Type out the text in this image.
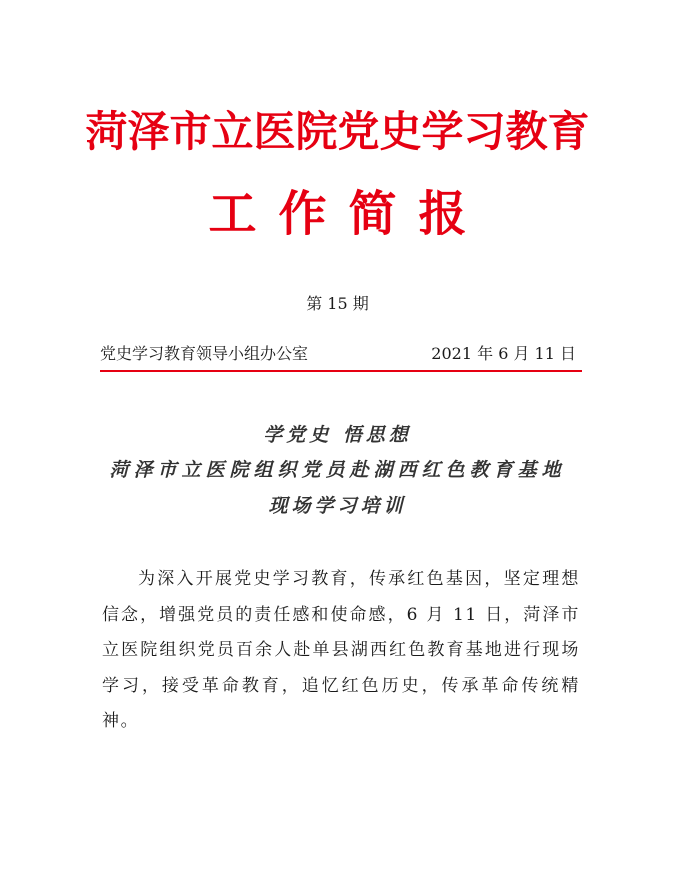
菏泽市立医院党史学习教育
工作简报
第 15 期
党史学习教育领导小组办公室	2021 年 6 月 11 日
学党史 悟思想
菏泽市立医院组织党员赴湖西红色教育基地
现场学习培训

为深入开展党史学习教育，传承红色基因，坚定理想信念，增强党员的责任感和使命感，6 月 11 日，菏泽市立医院组织党员百余人赴单县湖西红色教育基地进行现场学习，接受革命教育，追忆红色历史，传承革命传统精神。
